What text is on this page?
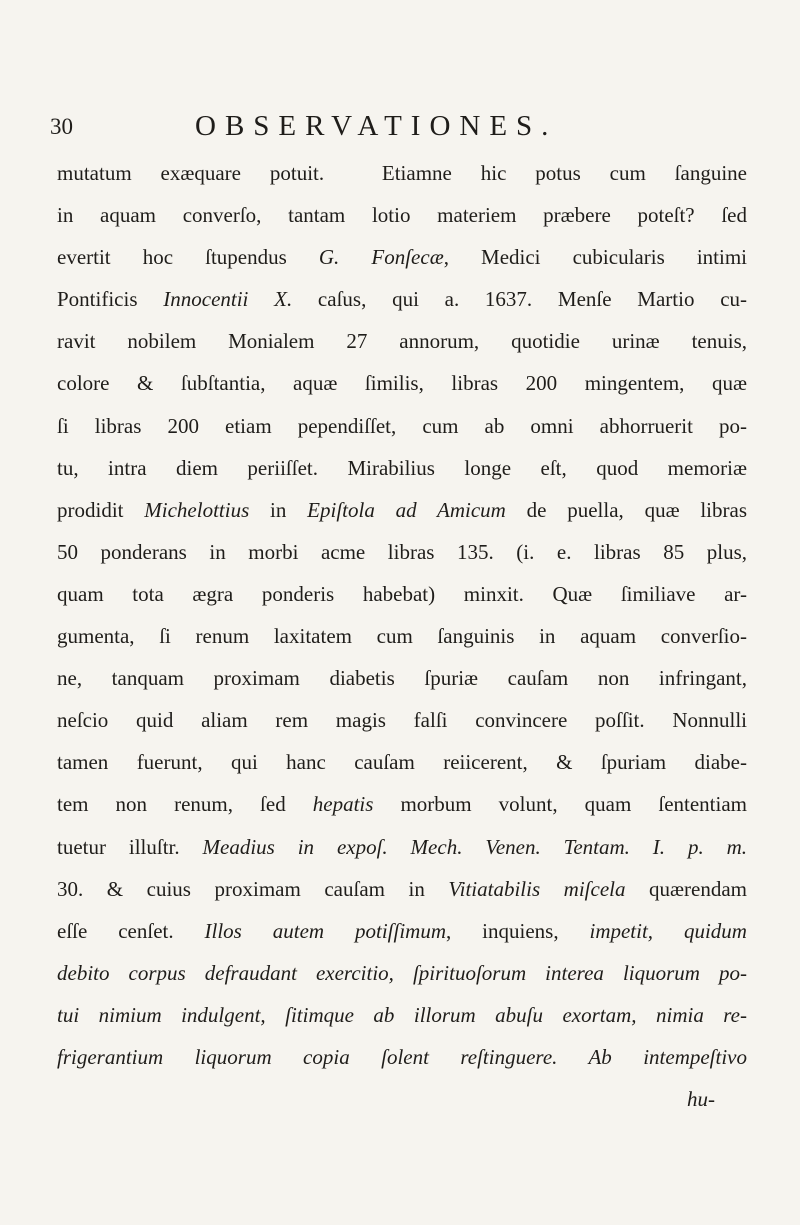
30	OBSERVATIONES.
mutatum exæquare potuit.  Etiamne hic potus cum ſanguine
in aquam converſo, tantam lotio materiem præbere poteſt? ſed
evertit hoc ſtupendus G. Fonſecæ, Medici cubicularis intimi
Pontificis Innocentii X. caſus, qui a. 1637. Menſe Martio cu-
ravit nobilem Monialem 27 annorum, quotidie urinæ tenuis,
colore & ſubſtantia, aquæ ſimilis, libras 200 mingentem, quæ
ſi libras 200 etiam pependiſſet, cum ab omni abhorruerit po-
tu, intra diem periiſſet. Mirabilius longe eſt, quod memoriæ
prodidit Michelottius in Epiſtola ad Amicum de puella, quæ libras
50 ponderans in morbi acme libras 135. (i. e. libras 85 plus,
quam tota ægra ponderis habebat) minxit. Quæ ſimiliave ar-
gumenta, ſi renum laxitatem cum ſanguinis in aquam converſio-
ne, tanquam proximam diabetis ſpuriæ cauſam non infringant,
neſcio quid aliam rem magis falſi convincere poſſit. Nonnulli
tamen fuerunt, qui hanc cauſam reiicerent, & ſpuriam diabe-
tem non renum, ſed hepatis morbum volunt, quam ſententiam
tuetur illuſtr. Meadius in expoſ. Mech. Venen. Tentam. I. p. m.
30. & cuius proximam cauſam in Vitiatabilis miſcela quærendam
eſſe cenſet. Illos autem potiſſimum, inquiens, impetit, quidum
debito corpus defraudant exercitio, ſpirituoſorum interea liquorum po-
tui nimium indulgent, ſitimque ab illorum abuſu exortam, nimia re-
frigerantium liquorum copia ſolent reſtinguere. Ab intempeſtivo
hu-
